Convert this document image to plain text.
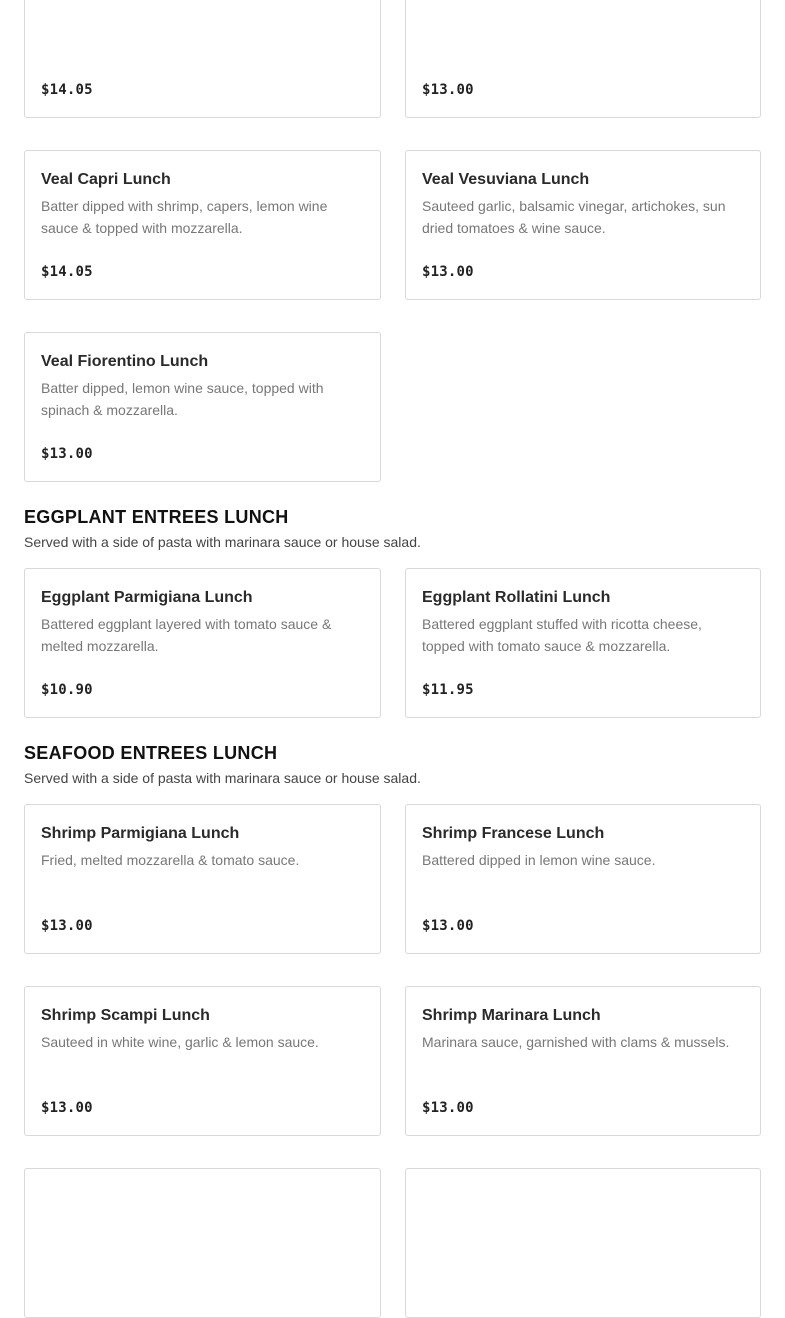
$14.05	$13.00
Veal Capri Lunch
Batter dipped with shrimp, capers, lemon wine sauce & topped with mozzarella.
$14.05
Veal Vesuviana Lunch
Sauteed garlic, balsamic vinegar, artichokes, sun dried tomatoes & wine sauce.
$13.00
Veal Fiorentino Lunch
Batter dipped, lemon wine sauce, topped with spinach & mozzarella.
$13.00
EGGPLANT ENTREES LUNCH
Served with a side of pasta with marinara sauce or house salad.
Eggplant Parmigiana Lunch
Battered eggplant layered with tomato sauce & melted mozzarella.
$10.90
Eggplant Rollatini Lunch
Battered eggplant stuffed with ricotta cheese, topped with tomato sauce & mozzarella.
$11.95
SEAFOOD ENTREES LUNCH
Served with a side of pasta with marinara sauce or house salad.
Shrimp Parmigiana Lunch
Fried, melted mozzarella & tomato sauce.
$13.00
Shrimp Francese Lunch
Battered dipped in lemon wine sauce.
$13.00
Shrimp Scampi Lunch
Sauteed in white wine, garlic & lemon sauce.
$13.00
Shrimp Marinara Lunch
Marinara sauce, garnished with clams & mussels.
$13.00
